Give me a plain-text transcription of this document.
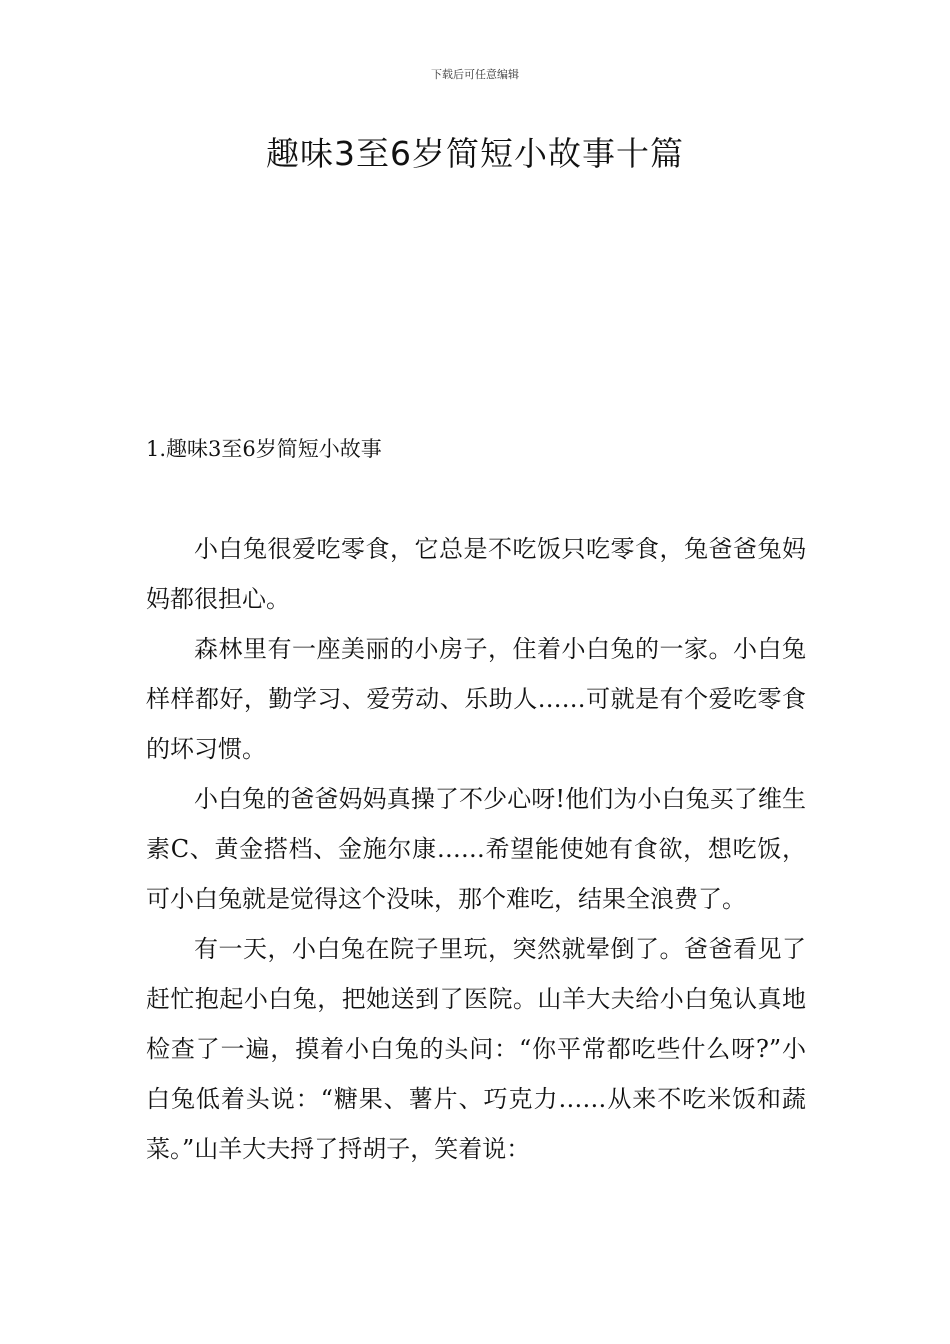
下载后可任意编辑
趣味3至6岁简短小故事十篇
1.趣味3至6岁简短小故事

小白兔很爱吃零食，它总是不吃饭只吃零食，兔爸爸兔妈妈都很担心。

森林里有一座美丽的小房子，住着小白兔的一家。小白兔样样都好，勤学习、爱劳动、乐助人……可就是有个爱吃零食的坏习惯。

小白兔的爸爸妈妈真操了不少心呀!他们为小白兔买了维生素C、黄金搭档、金施尔康……希望能使她有食欲，想吃饭，可小白兔就是觉得这个没味，那个难吃，结果全浪费了。

有一天，小白兔在院子里玩，突然就晕倒了。爸爸看见了赶忙抱起小白兔，把她送到了医院。山羊大夫给小白兔认真地检查了一遍，摸着小白兔的头问：“你平常都吃些什么呀?”小白兔低着头说：“糖果、薯片、巧克力……从来不吃米饭和蔬菜。”山羊大夫捋了捋胡子，笑着说：
